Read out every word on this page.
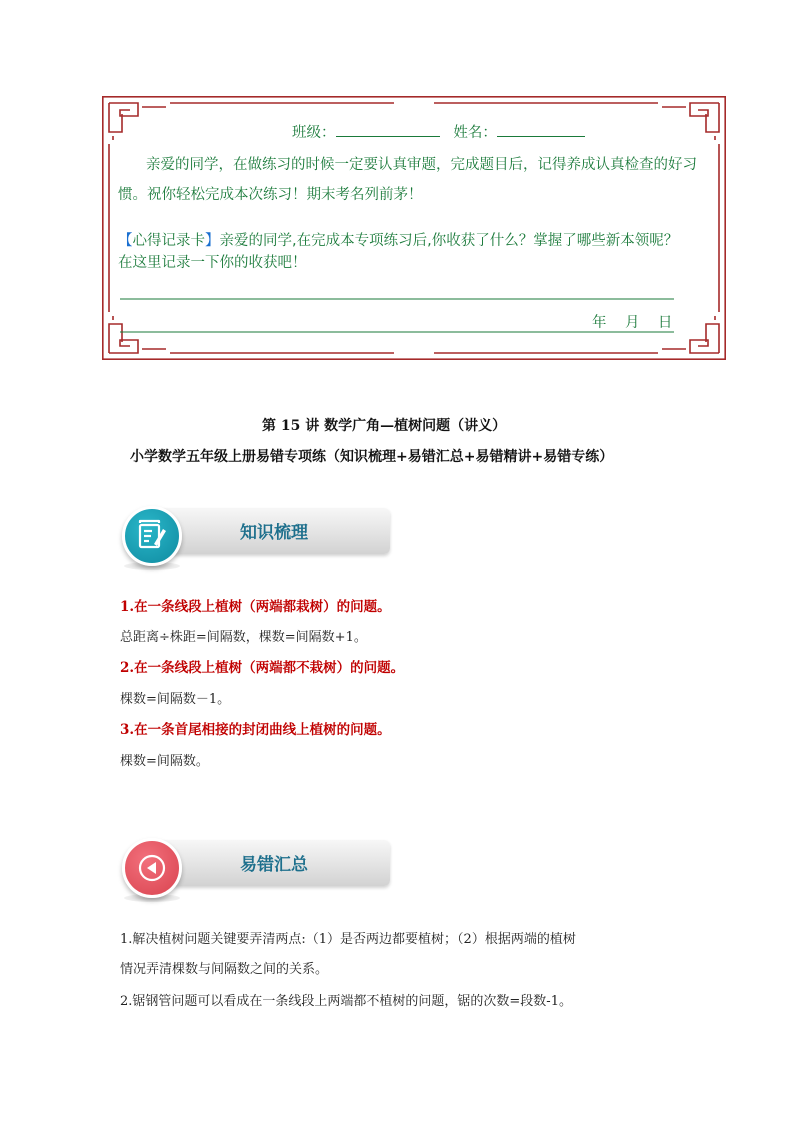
班级：	姓名：
亲爱的同学，在做练习的时候一定要认真审题，完成题目后，记得养成认真检查的好习
惯。祝你轻松完成本次练习！期末考名列前茅！
【心得记录卡】亲爱的同学,在完成本专项练习后,你收获了什么？掌握了哪些新本领呢？
在这里记录一下你的收获吧！
年 月 日
第 15 讲 数学广角—植树问题（讲义）
小学数学五年级上册易错专项练（知识梳理+易错汇总+易错精讲+易错专练）
知识梳理
1.在一条线段上植树（两端都栽树）的问题。
总距离÷株距=间隔数，棵数=间隔数+1。
2.在一条线段上植树（两端都不栽树）的问题。
棵数=间隔数－1。
3.在一条首尾相接的封闭曲线上植树的问题。
棵数=间隔数。
易错汇总
1.解决植树问题关键要弄清两点:（1）是否两边都要植树；（2）根据两端的植树
情况弄清棵数与间隔数之间的关系。
2.锯钢管问题可以看成在一条线段上两端都不植树的问题，锯的次数=段数-1。
